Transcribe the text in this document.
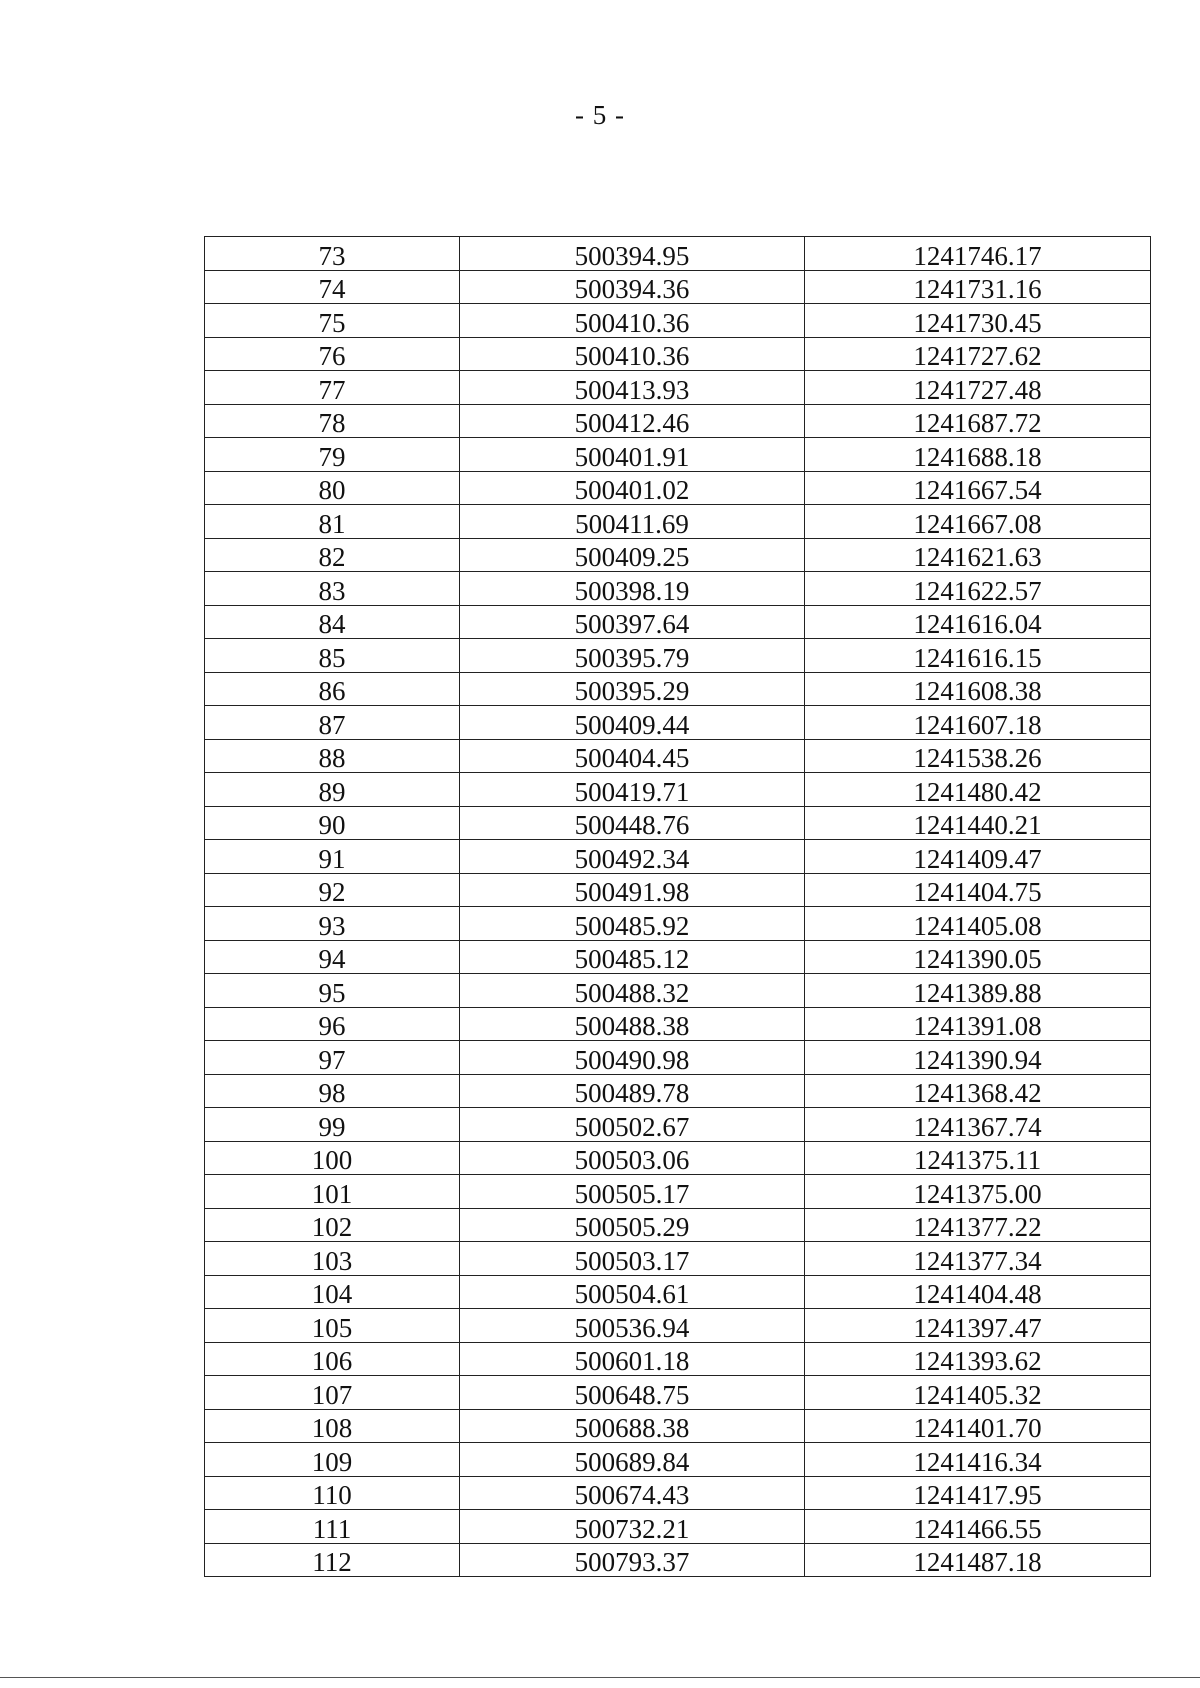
- 5 -
73	500394.95	1241746.17
74	500394.36	1241731.16
75	500410.36	1241730.45
76	500410.36	1241727.62
77	500413.93	1241727.48
78	500412.46	1241687.72
79	500401.91	1241688.18
80	500401.02	1241667.54
81	500411.69	1241667.08
82	500409.25	1241621.63
83	500398.19	1241622.57
84	500397.64	1241616.04
85	500395.79	1241616.15
86	500395.29	1241608.38
87	500409.44	1241607.18
88	500404.45	1241538.26
89	500419.71	1241480.42
90	500448.76	1241440.21
91	500492.34	1241409.47
92	500491.98	1241404.75
93	500485.92	1241405.08
94	500485.12	1241390.05
95	500488.32	1241389.88
96	500488.38	1241391.08
97	500490.98	1241390.94
98	500489.78	1241368.42
99	500502.67	1241367.74
100	500503.06	1241375.11
101	500505.17	1241375.00
102	500505.29	1241377.22
103	500503.17	1241377.34
104	500504.61	1241404.48
105	500536.94	1241397.47
106	500601.18	1241393.62
107	500648.75	1241405.32
108	500688.38	1241401.70
109	500689.84	1241416.34
110	500674.43	1241417.95
111	500732.21	1241466.55
112	500793.37	1241487.18
